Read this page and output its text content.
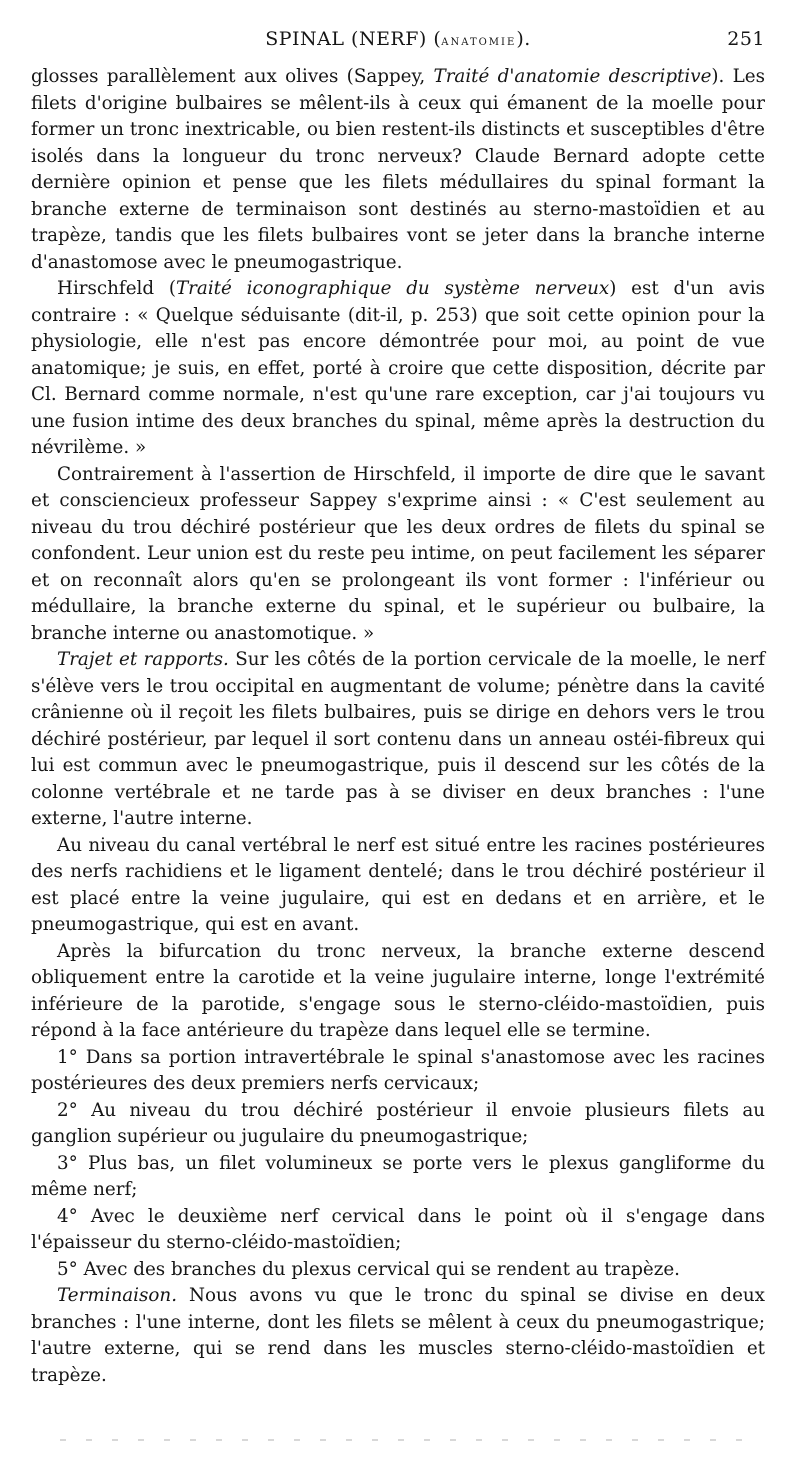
SPINAL (NERF) (anatomie).	251

glosses parallèlement aux olives (Sappey, Traité d'anatomie descriptive). Les filets d'origine bulbaires se mêlent-ils à ceux qui émanent de la moelle pour former un tronc inextricable, ou bien restent-ils distincts et susceptibles d'être isolés dans la longueur du tronc nerveux? Claude Bernard adopte cette dernière opinion et pense que les filets médullaires du spinal formant la branche externe de terminaison sont destinés au sterno-mastoïdien et au trapèze, tandis que les filets bulbaires vont se jeter dans la branche interne d'anastomose avec le pneumogastrique.

Hirschfeld (Traité iconographique du système nerveux) est d'un avis contraire : « Quelque séduisante (dit-il, p. 253) que soit cette opinion pour la physiologie, elle n'est pas encore démontrée pour moi, au point de vue anatomique; je suis, en effet, porté à croire que cette disposition, décrite par Cl. Bernard comme normale, n'est qu'une rare exception, car j'ai toujours vu une fusion intime des deux branches du spinal, même après la destruction du névrilème. »

Contrairement à l'assertion de Hirschfeld, il importe de dire que le savant et consciencieux professeur Sappey s'exprime ainsi : « C'est seulement au niveau du trou déchiré postérieur que les deux ordres de filets du spinal se confondent. Leur union est du reste peu intime, on peut facilement les séparer et on reconnaît alors qu'en se prolongeant ils vont former : l'inférieur ou médullaire, la branche externe du spinal, et le supérieur ou bulbaire, la branche interne ou anastomotique. »

Trajet et rapports. Sur les côtés de la portion cervicale de la moelle, le nerf s'élève vers le trou occipital en augmentant de volume; pénètre dans la cavité crânienne où il reçoit les filets bulbaires, puis se dirige en dehors vers le trou déchiré postérieur, par lequel il sort contenu dans un anneau ostéi-fibreux qui lui est commun avec le pneumogastrique, puis il descend sur les côtés de la colonne vertébrale et ne tarde pas à se diviser en deux branches : l'une externe, l'autre interne.

Au niveau du canal vertébral le nerf est situé entre les racines postérieures des nerfs rachidiens et le ligament dentelé; dans le trou déchiré postérieur il est placé entre la veine jugulaire, qui est en dedans et en arrière, et le pneumogastrique, qui est en avant.

Après la bifurcation du tronc nerveux, la branche externe descend obliquement entre la carotide et la veine jugulaire interne, longe l'extrémité inférieure de la parotide, s'engage sous le sterno-cléido-mastoïdien, puis répond à la face antérieure du trapèze dans lequel elle se termine.

1° Dans sa portion intravertébrale le spinal s'anastomose avec les racines postérieures des deux premiers nerfs cervicaux;

2° Au niveau du trou déchiré postérieur il envoie plusieurs filets au ganglion supérieur ou jugulaire du pneumogastrique;

3° Plus bas, un filet volumineux se porte vers le plexus gangliforme du même nerf;

4° Avec le deuxième nerf cervical dans le point où il s'engage dans l'épaisseur du sterno-cléido-mastoïdien;

5° Avec des branches du plexus cervical qui se rendent au trapèze.

Terminaison. Nous avons vu que le tronc du spinal se divise en deux branches : l'une interne, dont les filets se mêlent à ceux du pneumogastrique; l'autre externe, qui se rend dans les muscles sterno-cléido-mastoïdien et trapèze.
